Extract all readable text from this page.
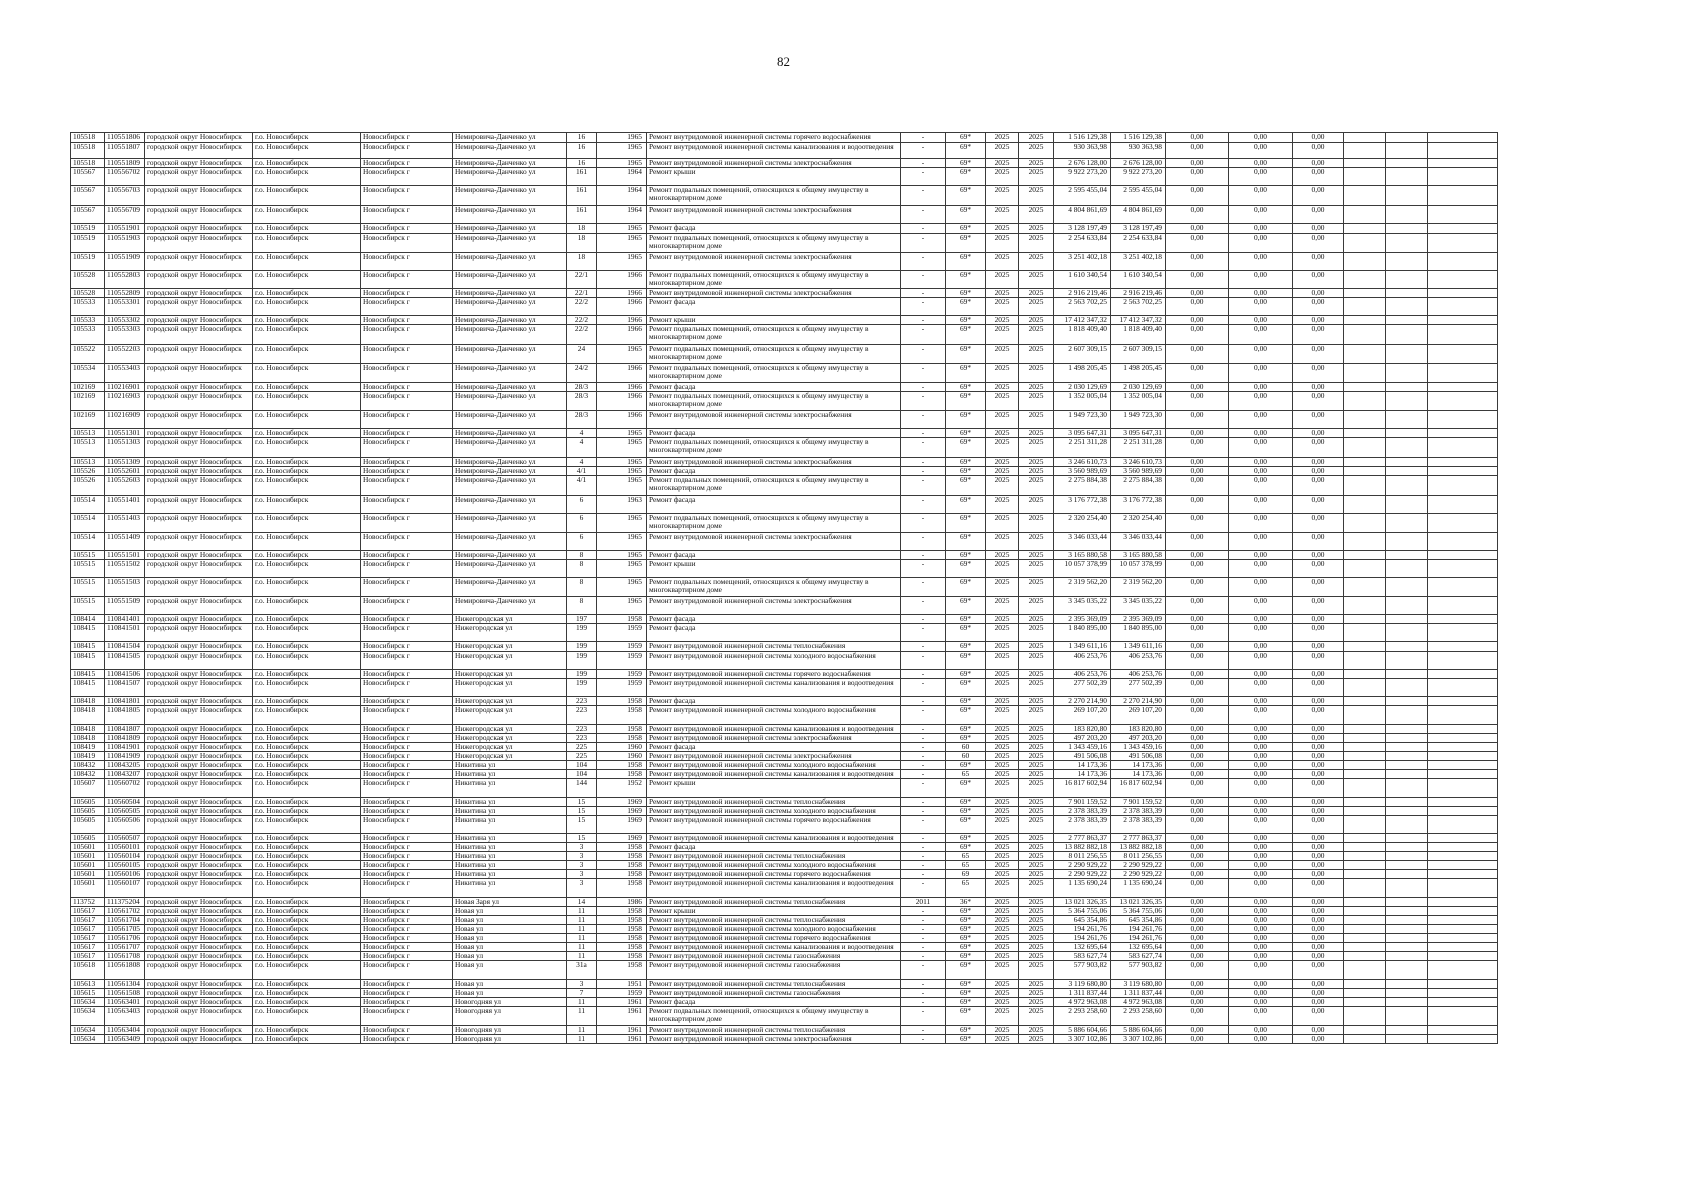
82
105518	110551806	городской округ Новосибирск	г.о. Новосибирск	Новосибирск г	Немировича-Данченко ул	16	1965	Ремонт внутридомовой инженерной системы горячего водоснабжения	-	69*	2025	2025	1 516 129,38	1 516 129,38	0,00	0,00	0,00			
105518	110551807	городской округ Новосибирск	г.о. Новосибирск	Новосибирск г	Немировича-Данченко ул	16	1965	Ремонт внутридомовой инженерной системы канализования и водоотведения	-	69*	2025	2025	930 363,98	930 363,98	0,00	0,00	0,00			
105518	110551809	городской округ Новосибирск	г.о. Новосибирск	Новосибирск г	Немировича-Данченко ул	16	1965	Ремонт внутридомовой инженерной системы электроснабжения	-	69*	2025	2025	2 676 128,00	2 676 128,00	0,00	0,00	0,00			
105567	110556702	городской округ Новосибирск	г.о. Новосибирск	Новосибирск г	Немировича-Данченко ул	161	1964	Ремонт крыши	-	69*	2025	2025	9 922 273,20	9 922 273,20	0,00	0,00	0,00			
105567	110556703	городской округ Новосибирск	г.о. Новосибирск	Новосибирск г	Немировича-Данченко ул	161	1964	Ремонт подвальных помещений, относящихся к общему имуществу в многоквартирном доме	-	69*	2025	2025	2 595 455,04	2 595 455,04	0,00	0,00	0,00			
105567	110556709	городской округ Новосибирск	г.о. Новосибирск	Новосибирск г	Немировича-Данченко ул	161	1964	Ремонт внутридомовой инженерной системы электроснабжения	-	69*	2025	2025	4 804 861,69	4 804 861,69	0,00	0,00	0,00			
105519	110551901	городской округ Новосибирск	г.о. Новосибирск	Новосибирск г	Немировича-Данченко ул	18	1965	Ремонт фасада	-	69*	2025	2025	3 128 197,49	3 128 197,49	0,00	0,00	0,00			
105519	110551903	городской округ Новосибирск	г.о. Новосибирск	Новосибирск г	Немировича-Данченко ул	18	1965	Ремонт подвальных помещений, относящихся к общему имуществу в многоквартирном доме	-	69*	2025	2025	2 254 633,84	2 254 633,84	0,00	0,00	0,00			
105519	110551909	городской округ Новосибирск	г.о. Новосибирск	Новосибирск г	Немировича-Данченко ул	18	1965	Ремонт внутридомовой инженерной системы электроснабжения	-	69*	2025	2025	3 251 402,18	3 251 402,18	0,00	0,00	0,00			
105528	110552803	городской округ Новосибирск	г.о. Новосибирск	Новосибирск г	Немировича-Данченко ул	22/1	1966	Ремонт подвальных помещений, относящихся к общему имуществу в многоквартирном доме	-	69*	2025	2025	1 610 340,54	1 610 340,54	0,00	0,00	0,00			
105528	110552809	городской округ Новосибирск	г.о. Новосибирск	Новосибирск г	Немировича-Данченко ул	22/1	1966	Ремонт внутридомовой инженерной системы электроснабжения	-	69*	2025	2025	2 916 219,46	2 916 219,46	0,00	0,00	0,00			
105533	110553301	городской округ Новосибирск	г.о. Новосибирск	Новосибирск г	Немировича-Данченко ул	22/2	1966	Ремонт фасада	-	69*	2025	2025	2 563 702,25	2 563 702,25	0,00	0,00	0,00			
105533	110553302	городской округ Новосибирск	г.о. Новосибирск	Новосибирск г	Немировича-Данченко ул	22/2	1966	Ремонт крыши	-	69*	2025	2025	17 412 347,32	17 412 347,32	0,00	0,00	0,00			
105533	110553303	городской округ Новосибирск	г.о. Новосибирск	Новосибирск г	Немировича-Данченко ул	22/2	1966	Ремонт подвальных помещений, относящихся к общему имуществу в многоквартирном доме	-	69*	2025	2025	1 818 409,40	1 818 409,40	0,00	0,00	0,00			
105522	110552203	городской округ Новосибирск	г.о. Новосибирск	Новосибирск г	Немировича-Данченко ул	24	1965	Ремонт подвальных помещений, относящихся к общему имуществу в многоквартирном доме	-	69*	2025	2025	2 607 309,15	2 607 309,15	0,00	0,00	0,00			
105534	110553403	городской округ Новосибирск	г.о. Новосибирск	Новосибирск г	Немировича-Данченко ул	24/2	1966	Ремонт подвальных помещений, относящихся к общему имуществу в многоквартирном доме	-	69*	2025	2025	1 498 205,45	1 498 205,45	0,00	0,00	0,00			
102169	110216901	городской округ Новосибирск	г.о. Новосибирск	Новосибирск г	Немировича-Данченко ул	28/3	1966	Ремонт фасада	-	69*	2025	2025	2 030 129,69	2 030 129,69	0,00	0,00	0,00			
102169	110216903	городской округ Новосибирск	г.о. Новосибирск	Новосибирск г	Немировича-Данченко ул	28/3	1966	Ремонт подвальных помещений, относящихся к общему имуществу в многоквартирном доме	-	69*	2025	2025	1 352 005,04	1 352 005,04	0,00	0,00	0,00			
102169	110216909	городской округ Новосибирск	г.о. Новосибирск	Новосибирск г	Немировича-Данченко ул	28/3	1966	Ремонт внутридомовой инженерной системы электроснабжения	-	69*	2025	2025	1 949 723,30	1 949 723,30	0,00	0,00	0,00			
105513	110551301	городской округ Новосибирск	г.о. Новосибирск	Новосибирск г	Немировича-Данченко ул	4	1965	Ремонт фасада	-	69*	2025	2025	3 095 647,31	3 095 647,31	0,00	0,00	0,00			
105513	110551303	городской округ Новосибирск	г.о. Новосибирск	Новосибирск г	Немировича-Данченко ул	4	1965	Ремонт подвальных помещений, относящихся к общему имуществу в многоквартирном доме	-	69*	2025	2025	2 251 311,28	2 251 311,28	0,00	0,00	0,00			
105513	110551309	городской округ Новосибирск	г.о. Новосибирск	Новосибирск г	Немировича-Данченко ул	4	1965	Ремонт внутридомовой инженерной системы электроснабжения	-	69*	2025	2025	3 246 610,73	3 246 610,73	0,00	0,00	0,00			
105526	110552601	городской округ Новосибирск	г.о. Новосибирск	Новосибирск г	Немировича-Данченко ул	4/1	1965	Ремонт фасада	-	69*	2025	2025	3 560 989,69	3 560 989,69	0,00	0,00	0,00			
105526	110552603	городской округ Новосибирск	г.о. Новосибирск	Новосибирск г	Немировича-Данченко ул	4/1	1965	Ремонт подвальных помещений, относящихся к общему имуществу в многоквартирном доме	-	69*	2025	2025	2 275 884,38	2 275 884,38	0,00	0,00	0,00			
105514	110551401	городской округ Новосибирск	г.о. Новосибирск	Новосибирск г	Немировича-Данченко ул	6	1963	Ремонт фасада	-	69*	2025	2025	3 176 772,38	3 176 772,38	0,00	0,00	0,00			
105514	110551403	городской округ Новосибирск	г.о. Новосибирск	Новосибирск г	Немировича-Данченко ул	6	1965	Ремонт подвальных помещений, относящихся к общему имуществу в многоквартирном доме	-	69*	2025	2025	2 320 254,40	2 320 254,40	0,00	0,00	0,00			
105514	110551409	городской округ Новосибирск	г.о. Новосибирск	Новосибирск г	Немировича-Данченко ул	6	1965	Ремонт внутридомовой инженерной системы электроснабжения	-	69*	2025	2025	3 346 033,44	3 346 033,44	0,00	0,00	0,00			
105515	110551501	городской округ Новосибирск	г.о. Новосибирск	Новосибирск г	Немировича-Данченко ул	8	1965	Ремонт фасада	-	69*	2025	2025	3 165 880,58	3 165 880,58	0,00	0,00	0,00			
105515	110551502	городской округ Новосибирск	г.о. Новосибирск	Новосибирск г	Немировича-Данченко ул	8	1965	Ремонт крыши	-	69*	2025	2025	10 057 378,99	10 057 378,99	0,00	0,00	0,00			
105515	110551503	городской округ Новосибирск	г.о. Новосибирск	Новосибирск г	Немировича-Данченко ул	8	1965	Ремонт подвальных помещений, относящихся к общему имуществу в многоквартирном доме	-	69*	2025	2025	2 319 562,20	2 319 562,20	0,00	0,00	0,00			
105515	110551509	городской округ Новосибирск	г.о. Новосибирск	Новосибирск г	Немировича-Данченко ул	8	1965	Ремонт внутридомовой инженерной системы электроснабжения	-	69*	2025	2025	3 345 035,22	3 345 035,22	0,00	0,00	0,00			
108414	110841401	городской округ Новосибирск	г.о. Новосибирск	Новосибирск г	Нижегородская ул	197	1958	Ремонт фасада	-	69*	2025	2025	2 395 369,09	2 395 369,09	0,00	0,00	0,00			
108415	110841501	городской округ Новосибирск	г.о. Новосибирск	Новосибирск г	Нижегородская ул	199	1959	Ремонт фасада	-	69*	2025	2025	1 840 895,00	1 840 895,00	0,00	0,00	0,00			
108415	110841504	городской округ Новосибирск	г.о. Новосибирск	Новосибирск г	Нижегородская ул	199	1959	Ремонт внутридомовой инженерной системы теплоснабжения	-	69*	2025	2025	1 349 611,16	1 349 611,16	0,00	0,00	0,00			
108415	110841505	городской округ Новосибирск	г.о. Новосибирск	Новосибирск г	Нижегородская ул	199	1959	Ремонт внутридомовой инженерной системы холодного водоснабжения	-	69*	2025	2025	406 253,76	406 253,76	0,00	0,00	0,00			
108415	110841506	городской округ Новосибирск	г.о. Новосибирск	Новосибирск г	Нижегородская ул	199	1959	Ремонт внутридомовой инженерной системы горячего водоснабжения	-	69*	2025	2025	406 253,76	406 253,76	0,00	0,00	0,00			
108415	110841507	городской округ Новосибирск	г.о. Новосибирск	Новосибирск г	Нижегородская ул	199	1959	Ремонт внутридомовой инженерной системы канализования и водоотведения	-	69*	2025	2025	277 502,39	277 502,39	0,00	0,00	0,00			
108418	110841801	городской округ Новосибирск	г.о. Новосибирск	Новосибирск г	Нижегородская ул	223	1958	Ремонт фасада	-	69*	2025	2025	2 270 214,90	2 270 214,90	0,00	0,00	0,00			
108418	110841805	городской округ Новосибирск	г.о. Новосибирск	Новосибирск г	Нижегородская ул	223	1958	Ремонт внутридомовой инженерной системы холодного водоснабжения	-	69*	2025	2025	269 107,20	269 107,20	0,00	0,00	0,00			
108418	110841807	городской округ Новосибирск	г.о. Новосибирск	Новосибирск г	Нижегородская ул	223	1958	Ремонт внутридомовой инженерной системы канализования и водоотведения	-	69*	2025	2025	183 820,80	183 820,80	0,00	0,00	0,00			
108418	110841809	городской округ Новосибирск	г.о. Новосибирск	Новосибирск г	Нижегородская ул	223	1958	Ремонт внутридомовой инженерной системы электроснабжения	-	69*	2025	2025	497 203,20	497 203,20	0,00	0,00	0,00			
108419	110841901	городской округ Новосибирск	г.о. Новосибирск	Новосибирск г	Нижегородская ул	225	1960	Ремонт фасада	-	60	2025	2025	1 343 459,16	1 343 459,16	0,00	0,00	0,00			
108419	110841909	городской округ Новосибирск	г.о. Новосибирск	Новосибирск г	Нижегородская ул	225	1960	Ремонт внутридомовой инженерной системы электроснабжения	-	60	2025	2025	491 506,08	491 506,08	0,00	0,00	0,00			
108432	110843205	городской округ Новосибирск	г.о. Новосибирск	Новосибирск г	Никитина ул	104	1958	Ремонт внутридомовой инженерной системы холодного водоснабжения	-	69*	2025	2025	14 173,36	14 173,36	0,00	0,00	0,00			
108432	110843207	городской округ Новосибирск	г.о. Новосибирск	Новосибирск г	Никитина ул	104	1958	Ремонт внутридомовой инженерной системы канализования и водоотведения	-	65	2025	2025	14 173,36	14 173,36	0,00	0,00	0,00			
105607	110560702	городской округ Новосибирск	г.о. Новосибирск	Новосибирск г	Никитина ул	144	1952	Ремонт крыши	-	69*	2025	2025	16 817 602,94	16 817 602,94	0,00	0,00	0,00			
105605	110560504	городской округ Новосибирск	г.о. Новосибирск	Новосибирск г	Никитина ул	15	1969	Ремонт внутридомовой инженерной системы теплоснабжения	-	69*	2025	2025	7 901 159,52	7 901 159,52	0,00	0,00	0,00			
105605	110560505	городской округ Новосибирск	г.о. Новосибирск	Новосибирск г	Никитина ул	15	1969	Ремонт внутридомовой инженерной системы холодного водоснабжения	-	69*	2025	2025	2 378 383,39	2 378 383,39	0,00	0,00	0,00			
105605	110560506	городской округ Новосибирск	г.о. Новосибирск	Новосибирск г	Никитина ул	15	1969	Ремонт внутридомовой инженерной системы горячего водоснабжения	-	69*	2025	2025	2 378 383,39	2 378 383,39	0,00	0,00	0,00			
105605	110560507	городской округ Новосибирск	г.о. Новосибирск	Новосибирск г	Никитина ул	15	1969	Ремонт внутридомовой инженерной системы канализования и водоотведения	-	69*	2025	2025	2 777 863,37	2 777 863,37	0,00	0,00	0,00			
105601	110560101	городской округ Новосибирск	г.о. Новосибирск	Новосибирск г	Никитина ул	3	1958	Ремонт фасада	-	69*	2025	2025	13 882 882,18	13 882 882,18	0,00	0,00	0,00			
105601	110560104	городской округ Новосибирск	г.о. Новосибирск	Новосибирск г	Никитина ул	3	1958	Ремонт внутридомовой инженерной системы теплоснабжения	-	65	2025	2025	8 011 256,55	8 011 256,55	0,00	0,00	0,00			
105601	110560105	городской округ Новосибирск	г.о. Новосибирск	Новосибирск г	Никитина ул	3	1958	Ремонт внутридомовой инженерной системы холодного водоснабжения	-	65	2025	2025	2 290 929,22	2 290 929,22	0,00	0,00	0,00			
105601	110560106	городской округ Новосибирск	г.о. Новосибирск	Новосибирск г	Никитина ул	3	1958	Ремонт внутридомовой инженерной системы горячего водоснабжения	-	69	2025	2025	2 290 929,22	2 290 929,22	0,00	0,00	0,00			
105601	110560107	городской округ Новосибирск	г.о. Новосибирск	Новосибирск г	Никитина ул	3	1958	Ремонт внутридомовой инженерной системы канализования и водоотведения	-	65	2025	2025	1 135 690,24	1 135 690,24	0,00	0,00	0,00			
113752	111375204	городской округ Новосибирск	г.о. Новосибирск	Новосибирск г	Новая Заря ул	14	1986	Ремонт внутридомовой инженерной системы теплоснабжения	2011	36*	2025	2025	13 021 326,35	13 021 326,35	0,00	0,00	0,00			
105617	110561702	городской округ Новосибирск	г.о. Новосибирск	Новосибирск г	Новая ул	11	1958	Ремонт крыши	-	69*	2025	2025	5 364 755,06	5 364 755,06	0,00	0,00	0,00			
105617	110561704	городской округ Новосибирск	г.о. Новосибирск	Новосибирск г	Новая ул	11	1958	Ремонт внутридомовой инженерной системы теплоснабжения	-	69*	2025	2025	645 354,86	645 354,86	0,00	0,00	0,00			
105617	110561705	городской округ Новосибирск	г.о. Новосибирск	Новосибирск г	Новая ул	11	1958	Ремонт внутридомовой инженерной системы холодного водоснабжения	-	69*	2025	2025	194 261,76	194 261,76	0,00	0,00	0,00			
105617	110561706	городской округ Новосибирск	г.о. Новосибирск	Новосибирск г	Новая ул	11	1958	Ремонт внутридомовой инженерной системы горячего водоснабжения	-	69*	2025	2025	194 261,76	194 261,76	0,00	0,00	0,00			
105617	110561707	городской округ Новосибирск	г.о. Новосибирск	Новосибирск г	Новая ул	11	1958	Ремонт внутридомовой инженерной системы канализования и водоотведения	-	69*	2025	2025	132 695,64	132 695,64	0,00	0,00	0,00			
105617	110561708	городской округ Новосибирск	г.о. Новосибирск	Новосибирск г	Новая ул	11	1958	Ремонт внутридомовой инженерной системы газоснабжения	-	69*	2025	2025	583 627,74	583 627,74	0,00	0,00	0,00			
105618	110561808	городской округ Новосибирск	г.о. Новосибирск	Новосибирск г	Новая ул	31а	1958	Ремонт внутридомовой инженерной системы газоснабжения	-	69*	2025	2025	577 903,82	577 903,82	0,00	0,00	0,00			
105613	110561304	городской округ Новосибирск	г.о. Новосибирск	Новосибирск г	Новая ул	3	1951	Ремонт внутридомовой инженерной системы теплоснабжения	-	69*	2025	2025	3 119 680,80	3 119 680,80	0,00	0,00	0,00			
105615	110561508	городской округ Новосибирск	г.о. Новосибирск	Новосибирск г	Новая ул	7	1959	Ремонт внутридомовой инженерной системы газоснабжения	-	69*	2025	2025	1 311 837,44	1 311 837,44	0,00	0,00	0,00			
105634	110563401	городской округ Новосибирск	г.о. Новосибирск	Новосибирск г	Новогодняя ул	11	1961	Ремонт фасада	-	69*	2025	2025	4 972 963,08	4 972 963,08	0,00	0,00	0,00			
105634	110563403	городской округ Новосибирск	г.о. Новосибирск	Новосибирск г	Новогодняя ул	11	1961	Ремонт подвальных помещений, относящихся к общему имуществу в многоквартирном доме	-	69*	2025	2025	2 293 258,60	2 293 258,60	0,00	0,00	0,00			
105634	110563404	городской округ Новосибирск	г.о. Новосибирск	Новосибирск г	Новогодняя ул	11	1961	Ремонт внутридомовой инженерной системы теплоснабжения	-	69*	2025	2025	5 886 604,66	5 886 604,66	0,00	0,00	0,00			
105634	110563409	городской округ Новосибирск	г.о. Новосибирск	Новосибирск г	Новогодняя ул	11	1961	Ремонт внутридомовой инженерной системы электроснабжения	-	69*	2025	2025	3 307 102,86	3 307 102,86	0,00	0,00	0,00			
